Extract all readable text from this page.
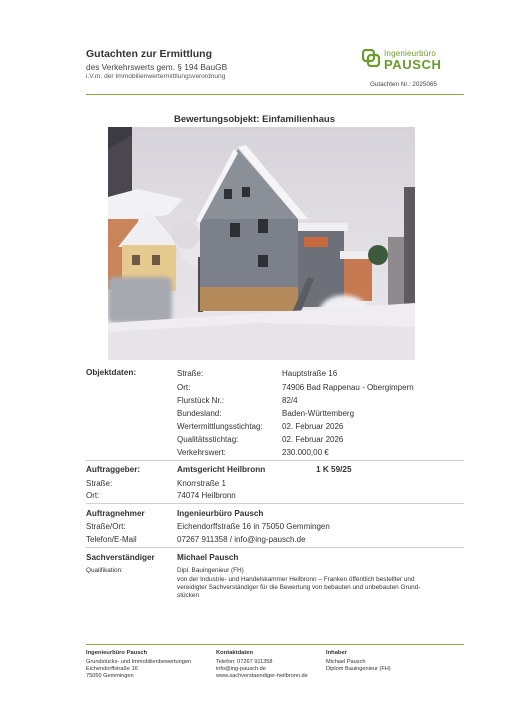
Gutachten zur Ermittlung
des Verkehrswerts gem. § 194 BauGB
i.V.m. der Immobilienwertermittlungsverordnung
Ingenieurbüro
PAUSCH
Gutachten Nr.: 2025065
Bewertungsobjekt: Einfamilienhaus
Objektdaten:	Straße:	Hauptstraße 16
Ort:	74906 Bad Rappenau - Obergimpern
Flurstück Nr.:	82/4
Bundesland:	Baden-Württemberg
Wertermittlungsstichtag: 02. Februar 2026
Qualitätsstichtag:	02. Februar 2026
Verkehrswert:	230.000,00 €
Auftraggeber:	Amtsgericht Heilbronn	1 K 59/25
Straße:	Knorrstraße 1
Ort:	74074 Heilbronn
Auftragnehmer	Ingenieurbüro Pausch
Straße/Ort:	Eichendorffstraße 16 in 75050 Gemmingen
Telefon/E-Mail	07267 911358 / info@ing-pausch.de
Sachverständiger	Michael Pausch
Qualifikation:	Dipl. Bauingenieur (FH)
von der Industrie- und Handelskammer Heilbronn – Franken öffentlich bestellter und
vereidigter Sachverständiger für die Bewertung von bebauten und unbebauten Grund-
stücken
Ingenieurbüro Pausch
Grundstücks- und Immobilienbewertungen
Eichendorffstraße 16
75050 Gemmingen
Kontaktdaten
Telefon: 07267 911358
info@ing-pausch.de
www.sachverstaendiger-heilbronn.de
Inhaber
Michael Pausch
Diplom Bauingenieur (FH)
